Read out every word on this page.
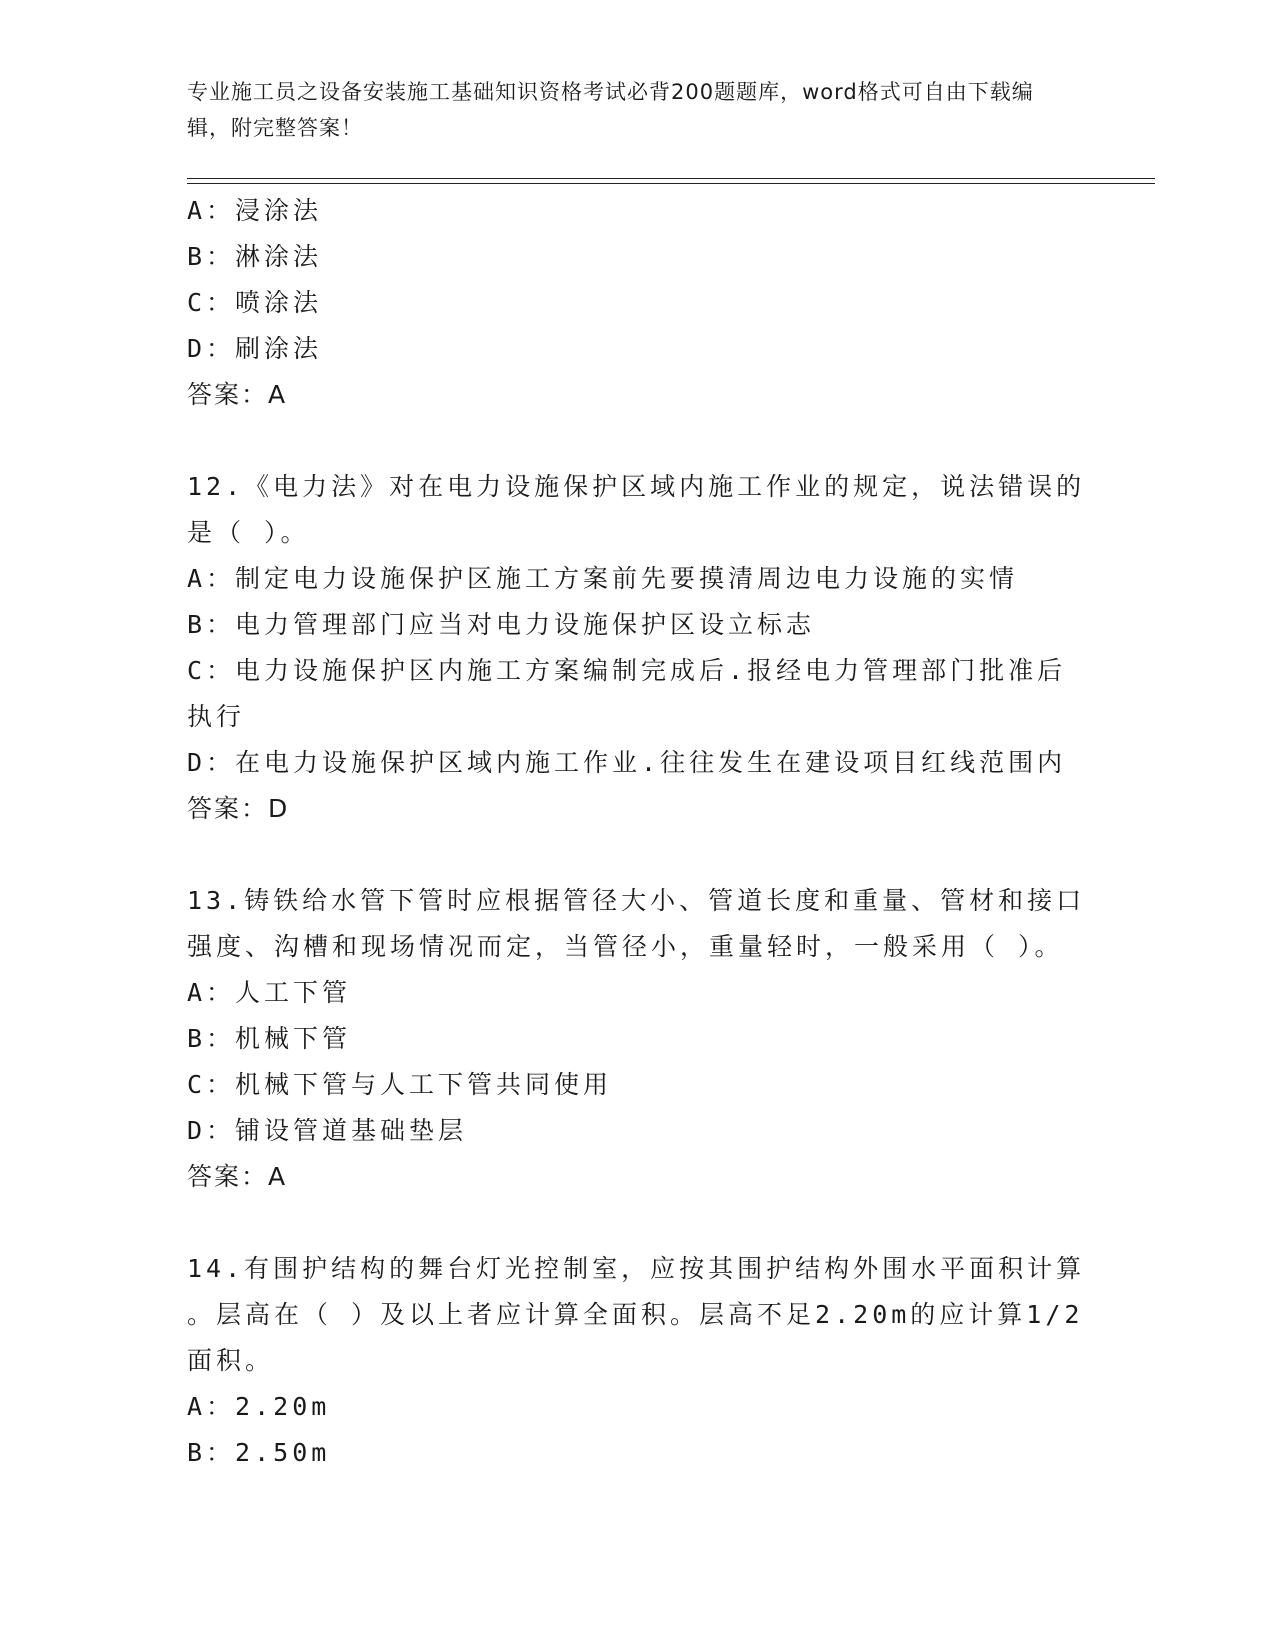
专业施工员之设备安装施工基础知识资格考试必背200题题库，word格式可自由下载编辑，附完整答案！
A：浸涂法
B：淋涂法
C：喷涂法
D：刷涂法
答案：A
12.《电力法》对在电力设施保护区域内施工作业的规定，说法错误的
是（ ）。
A：制定电力设施保护区施工方案前先要摸清周边电力设施的实情
B：电力管理部门应当对电力设施保护区设立标志
C：电力设施保护区内施工方案编制完成后.报经电力管理部门批准后
执行
D：在电力设施保护区域内施工作业.往往发生在建设项目红线范围内
答案：D
13.铸铁给水管下管时应根据管径大小、管道长度和重量、管材和接口
强度、沟槽和现场情况而定，当管径小，重量轻时，一般采用（ ）。
A：人工下管
B：机械下管
C：机械下管与人工下管共同使用
D：铺设管道基础垫层
答案：A
14.有围护结构的舞台灯光控制室，应按其围护结构外围水平面积计算
。层高在（ ）及以上者应计算全面积。层高不足2.20m的应计算1/2
面积。
A：2.20m
B：2.50m
